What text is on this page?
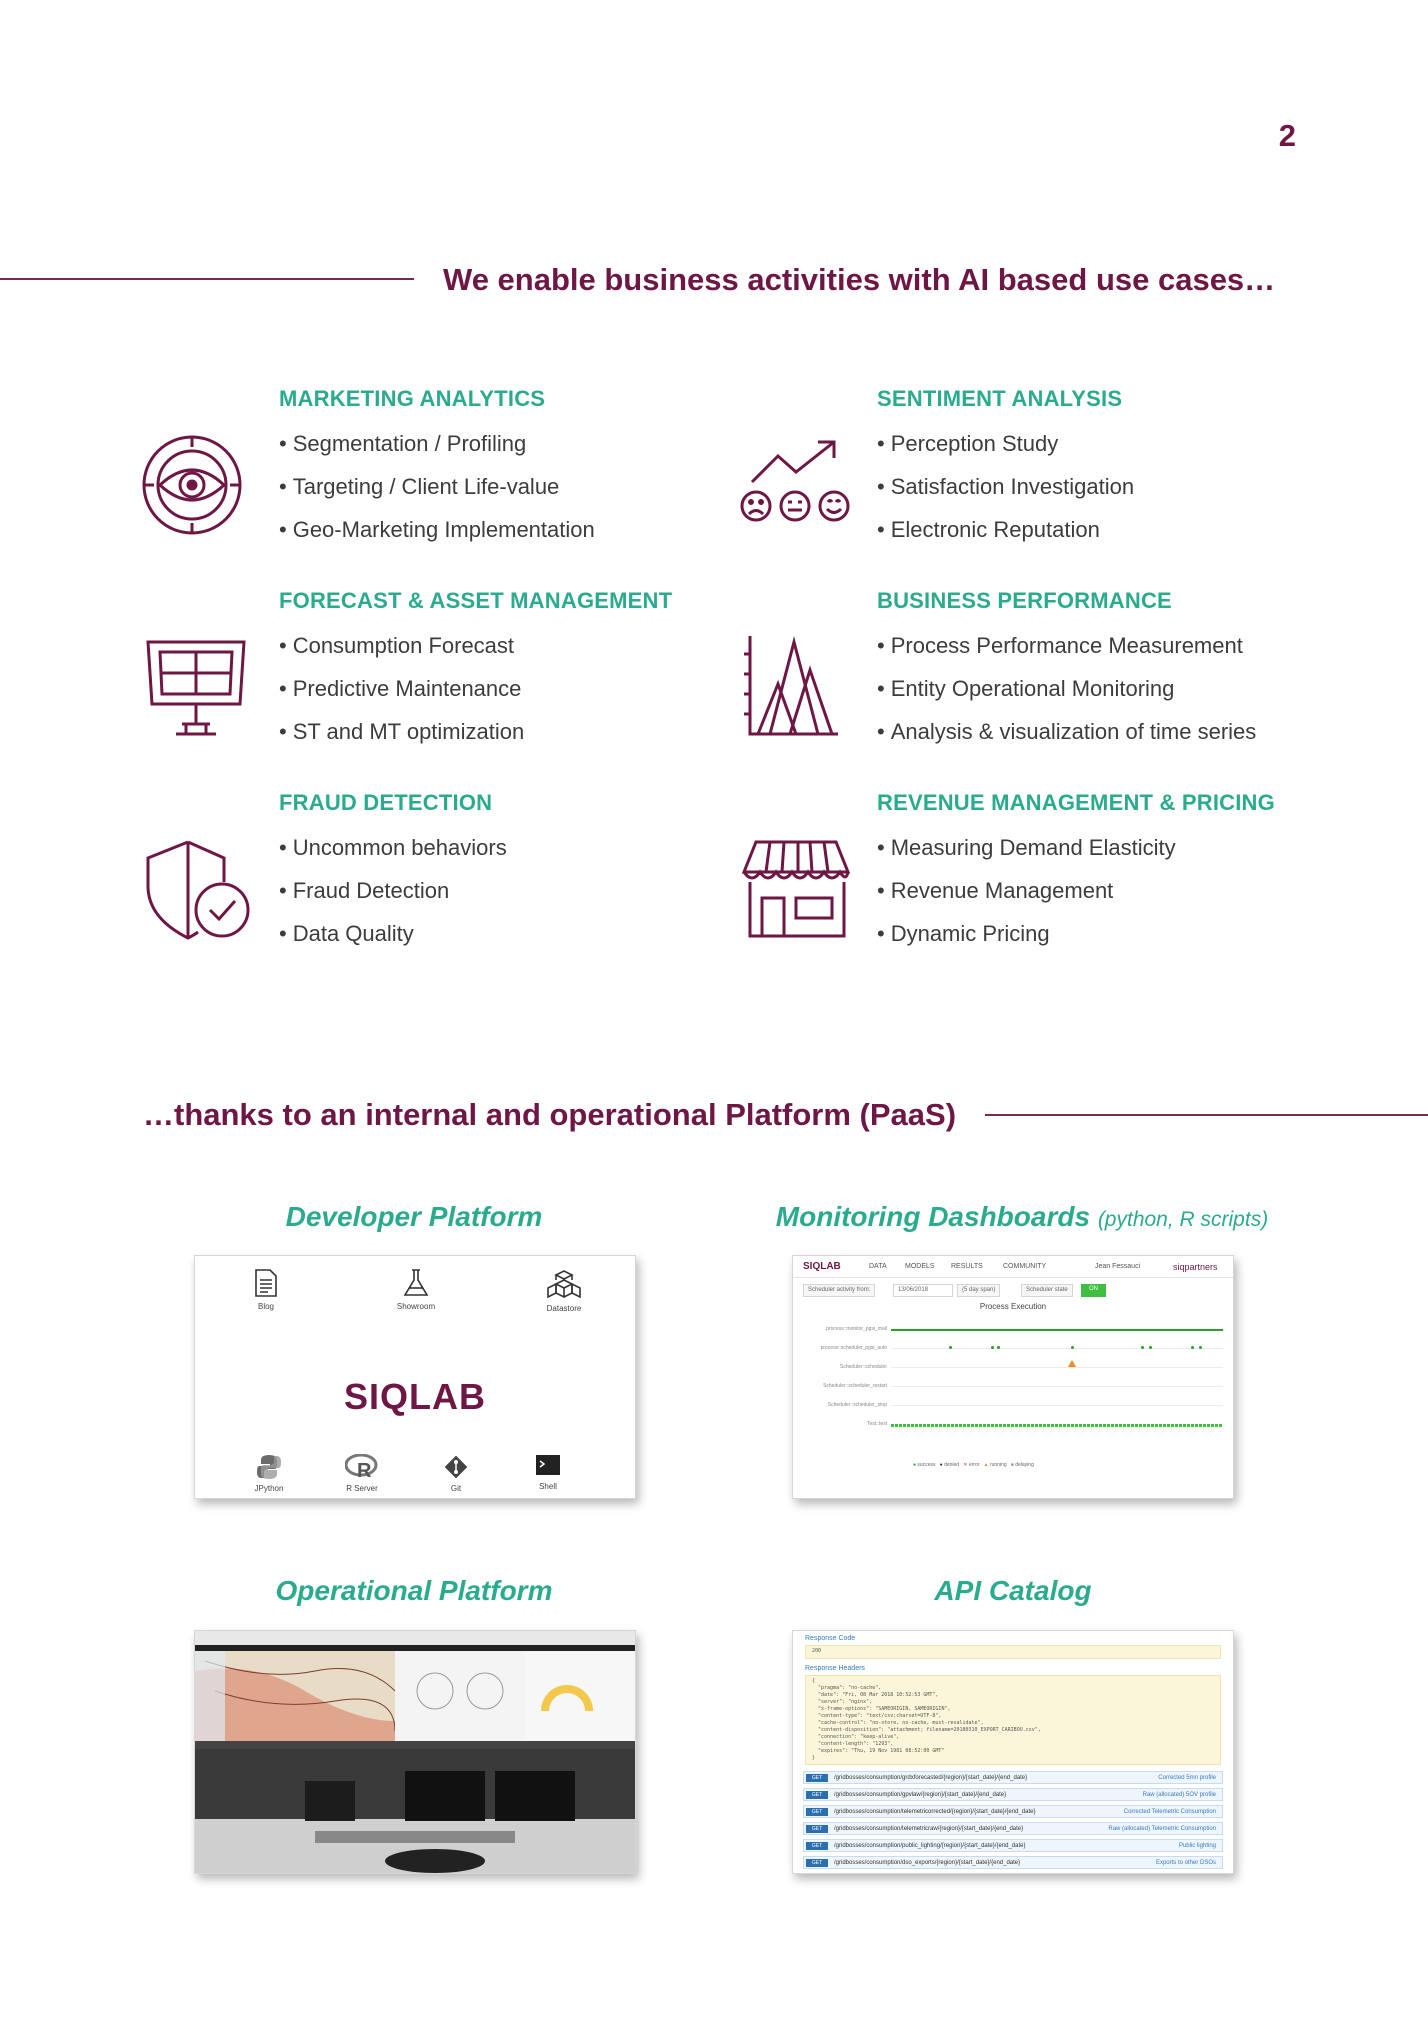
2
We enable business activities with AI based use cases…
MARKETING ANALYTICS
• Segmentation / Profiling
• Targeting / Client Life-value
• Geo-Marketing Implementation
SENTIMENT ANALYSIS
• Perception Study
• Satisfaction Investigation
• Electronic Reputation
FORECAST & ASSET MANAGEMENT
• Consumption Forecast
• Predictive Maintenance
• ST and MT optimization
BUSINESS PERFORMANCE
• Process Performance Measurement
• Entity Operational Monitoring
• Analysis & visualization of time series
FRAUD DETECTION
• Uncommon behaviors
• Fraud Detection
• Data Quality
REVENUE MANAGEMENT & PRICING
• Measuring Demand Elasticity
• Revenue Management
• Dynamic Pricing
…thanks to an internal and operational Platform (PaaS)
Developer Platform	Monitoring Dashboards (python, R scripts)
Operational Platform	API Catalog
Blog	Showroom	Datastore
SIQLAB
JPython
R
R Server	Git	Shell
SIQLAB	DATA	MODELS RESULTS	COMMUNITY	Jean Fessauci	siqpartners
Scheduler activity from:	13/06/2018	(5 day span)	Scheduler state	ON
Process Execution
process::monitor_pgsi_mail
process::scheduler_pgsi_auto
Scheduler::scheduler
Scheduler::scheduler_restart
Scheduler::scheduler_stop
Test::test
● success ● denied ✕ error ▲ running ■ delaying
Response Code
200
Response Headers
{
"pragma": "no-cache",
"date": "Fri, 08 Mar 2018 10:52:53 GMT",
"server": "nginx",
"x-frame-options": "SAMEORIGIN, SAMEORIGIN",
"content-type": "text/csv;charset=UTF-8",
"cache-control": "no-store, no-cache, must-revalidate",
"content-disposition": "attachment; filename=20180310_EXPORT_CARIBOU.csv",
"connection": "keep-alive",
"content-length": "1293",
"expires": "Thu, 19 Nov 1981 08:52:00 GMT"
}
GET	/gridbosses/consumption/grdxforecasted/{region}/{start_date}/{end_date}	Corrected 5mn profile
GET	/gridbosses/consumption/gpvlaw/{region}/{start_date}/{end_date}	Raw (allocated) 5OV profile
GET	/gridbosses/consumption/telemetricorrected/{region}/{start_date}/{end_date}	Corrected Telemetric Consumption
GET	/gridbosses/consumption/telemetricraw/{region}/{start_date}/{end_date}	Raw (allocated) Telemetric Consumption
GET	/gridbosses/consumption/public_lighting/{region}/{start_date}/{end_date}	Public lighting
GET	/gridbosses/consumption/dso_exports/{region}/{start_date}/{end_date}	Exports to other DSOs
